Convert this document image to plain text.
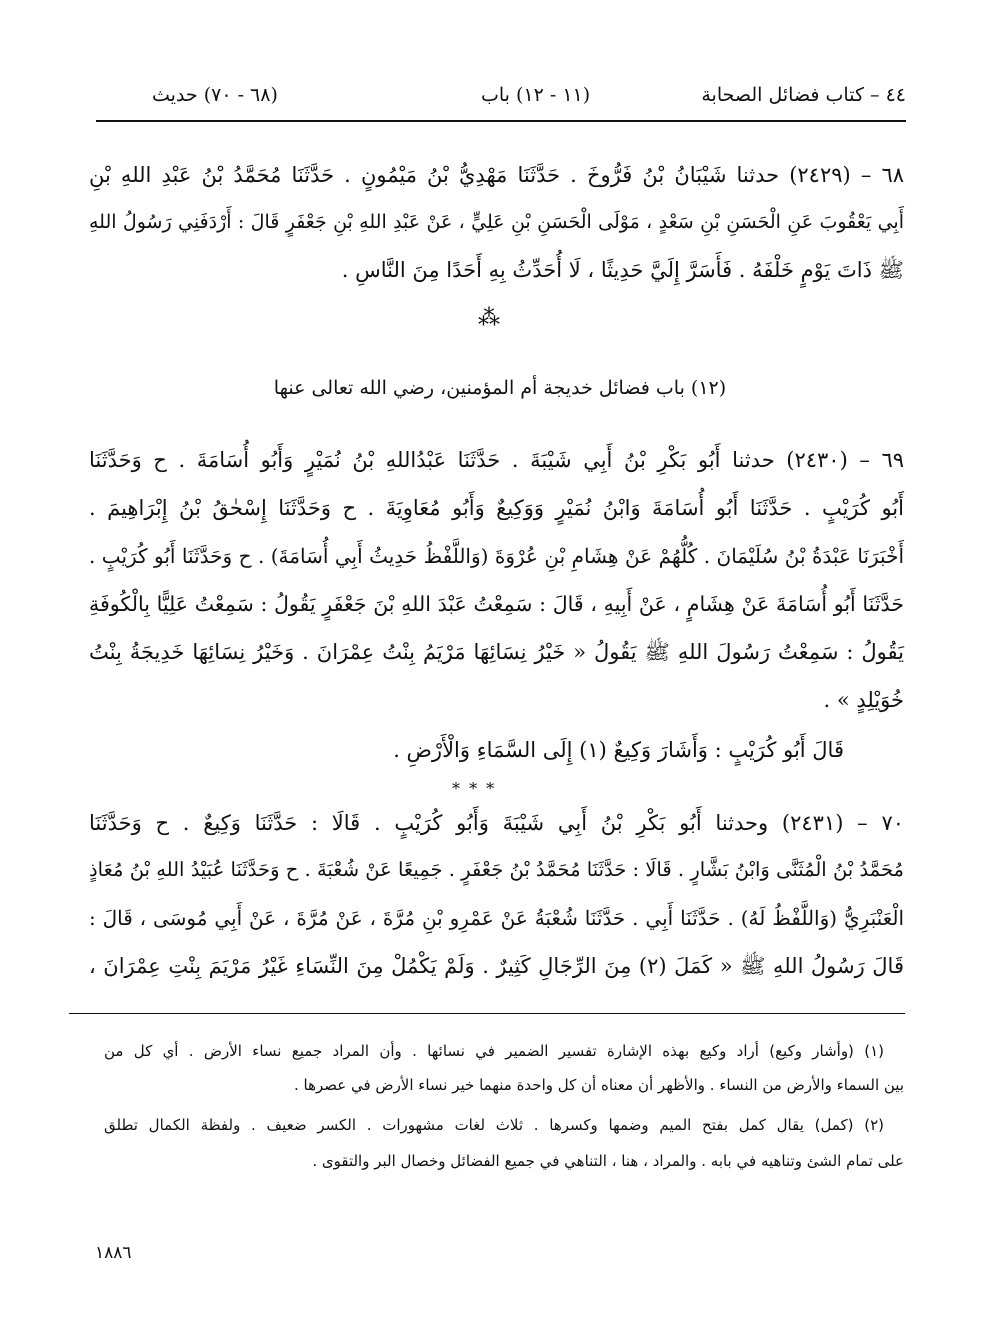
٤٤ – كتاب فضائل الصحابة
(١١ - ١٢) باب
(٦٨ - ٧٠) حديث
٦٨ – (٢٤٢٩) حدثنا شَيْبَانُ بْنُ فَرُّوخَ . حَدَّثَنَا مَهْدِيُّ بْنُ مَيْمُونٍ . حَدَّثَنَا مُحَمَّدُ بْنُ عَبْدِ اللهِ بْنِ
أَبِي يَعْقُوبَ عَنِ الْحَسَنِ بْنِ سَعْدٍ ، مَوْلَى الْحَسَنِ بْنِ عَلِيٍّ ، عَنْ عَبْدِ اللهِ بْنِ جَعْفَرٍ قَالَ : أَرْدَفَنِي رَسُولُ اللهِ
ﷺ ذَاتَ يَوْمٍ خَلْفَهُ . فَأَسَرَّ إِلَيَّ حَدِيثًا ، لَا أُحَدِّثُ بِهِ أَحَدًا مِنَ النَّاسِ .
⁂
(١٢) باب فضائل خديجة أم المؤمنين، رضي الله تعالى عنها
٦٩ – (٢٤٣٠) حدثنا أَبُو بَكْرِ بْنُ أَبِي شَيْبَةَ . حَدَّثَنَا عَبْدُاللهِ بْنُ نُمَيْرٍ وَأَبُو أُسَامَةَ . ح وَحَدَّثَنَا
أَبُو كُرَيْبٍ . حَدَّثَنَا أَبُو أُسَامَةَ وَابْنُ نُمَيْرٍ وَوَكِيعٌ وَأَبُو مُعَاوِيَةَ . ح وَحَدَّثَنَا إِسْحٰقُ بْنُ إِبْرَاهِيمَ .
أَخْبَرَنَا عَبْدَةُ بْنُ سُلَيْمَانَ . كُلُّهُمْ عَنْ هِشَامِ بْنِ عُرْوَةَ (وَاللَّفْظُ حَدِيثُ أَبِي أُسَامَةَ) . ح وَحَدَّثَنَا أَبُو كُرَيْبٍ .
حَدَّثَنَا أَبُو أُسَامَةَ عَنْ هِشَامٍ ، عَنْ أَبِيهِ ، قَالَ : سَمِعْتُ عَبْدَ اللهِ بْنَ جَعْفَرٍ يَقُولُ : سَمِعْتُ عَلِيًّا بِالْكُوفَةِ
يَقُولُ : سَمِعْتُ رَسُولَ اللهِ ﷺ يَقُولُ « خَيْرُ نِسَائِهَا مَرْيَمُ بِنْتُ عِمْرَانَ . وَخَيْرُ نِسَائِهَا خَدِيجَةُ بِنْتُ
خُوَيْلِدٍ » .
قَالَ أَبُو كُرَيْبٍ : وَأَشَارَ وَكِيعٌ (١) إِلَى السَّمَاءِ وَالْأَرْضِ .
* * *
٧٠ – (٢٤٣١) وحدثنا أَبُو بَكْرِ بْنُ أَبِي شَيْبَةَ وَأَبُو كُرَيْبٍ . قَالَا : حَدَّثَنَا وَكِيعٌ . ح وَحَدَّثَنَا
مُحَمَّدُ بْنُ الْمُثَنَّى وَابْنُ بَشَّارٍ . قَالَا : حَدَّثَنَا مُحَمَّدُ بْنُ جَعْفَرٍ . جَمِيعًا عَنْ شُعْبَةَ . ح وَحَدَّثَنَا عُبَيْدُ اللهِ بْنُ مُعَاذٍ
الْعَنْبَرِيُّ (وَاللَّفْظُ لَهُ) . حَدَّثَنَا أَبِي . حَدَّثَنَا شُعْبَةُ عَنْ عَمْرِو بْنِ مُرَّةَ ، عَنْ مُرَّةَ ، عَنْ أَبِي مُوسَى ، قَالَ :
قَالَ رَسُولُ اللهِ ﷺ « كَمَلَ (٢) مِنَ الرِّجَالِ كَثِيرٌ . وَلَمْ يَكْمُلْ مِنَ النِّسَاءِ غَيْرُ مَرْيَمَ بِنْتِ عِمْرَانَ ،
(١) (وأشار وكيع) أراد وكيع بهذه الإشارة تفسير الضمير في نسائها . وأن المراد جميع نساء الأرض . أي كل من
بين السماء والأرض من النساء . والأظهر أن معناه أن كل واحدة منهما خير نساء الأرض في عصرها .
(٢) (كمل) يقال كمل بفتح الميم وضمها وكسرها . ثلاث لغات مشهورات . الكسر ضعيف . ولفظة الكمال تطلق
على تمام الشئ وتناهيه في بابه . والمراد ، هنا ، التناهي في جميع الفضائل وخصال البر والتقوى .
١٨٨٦
